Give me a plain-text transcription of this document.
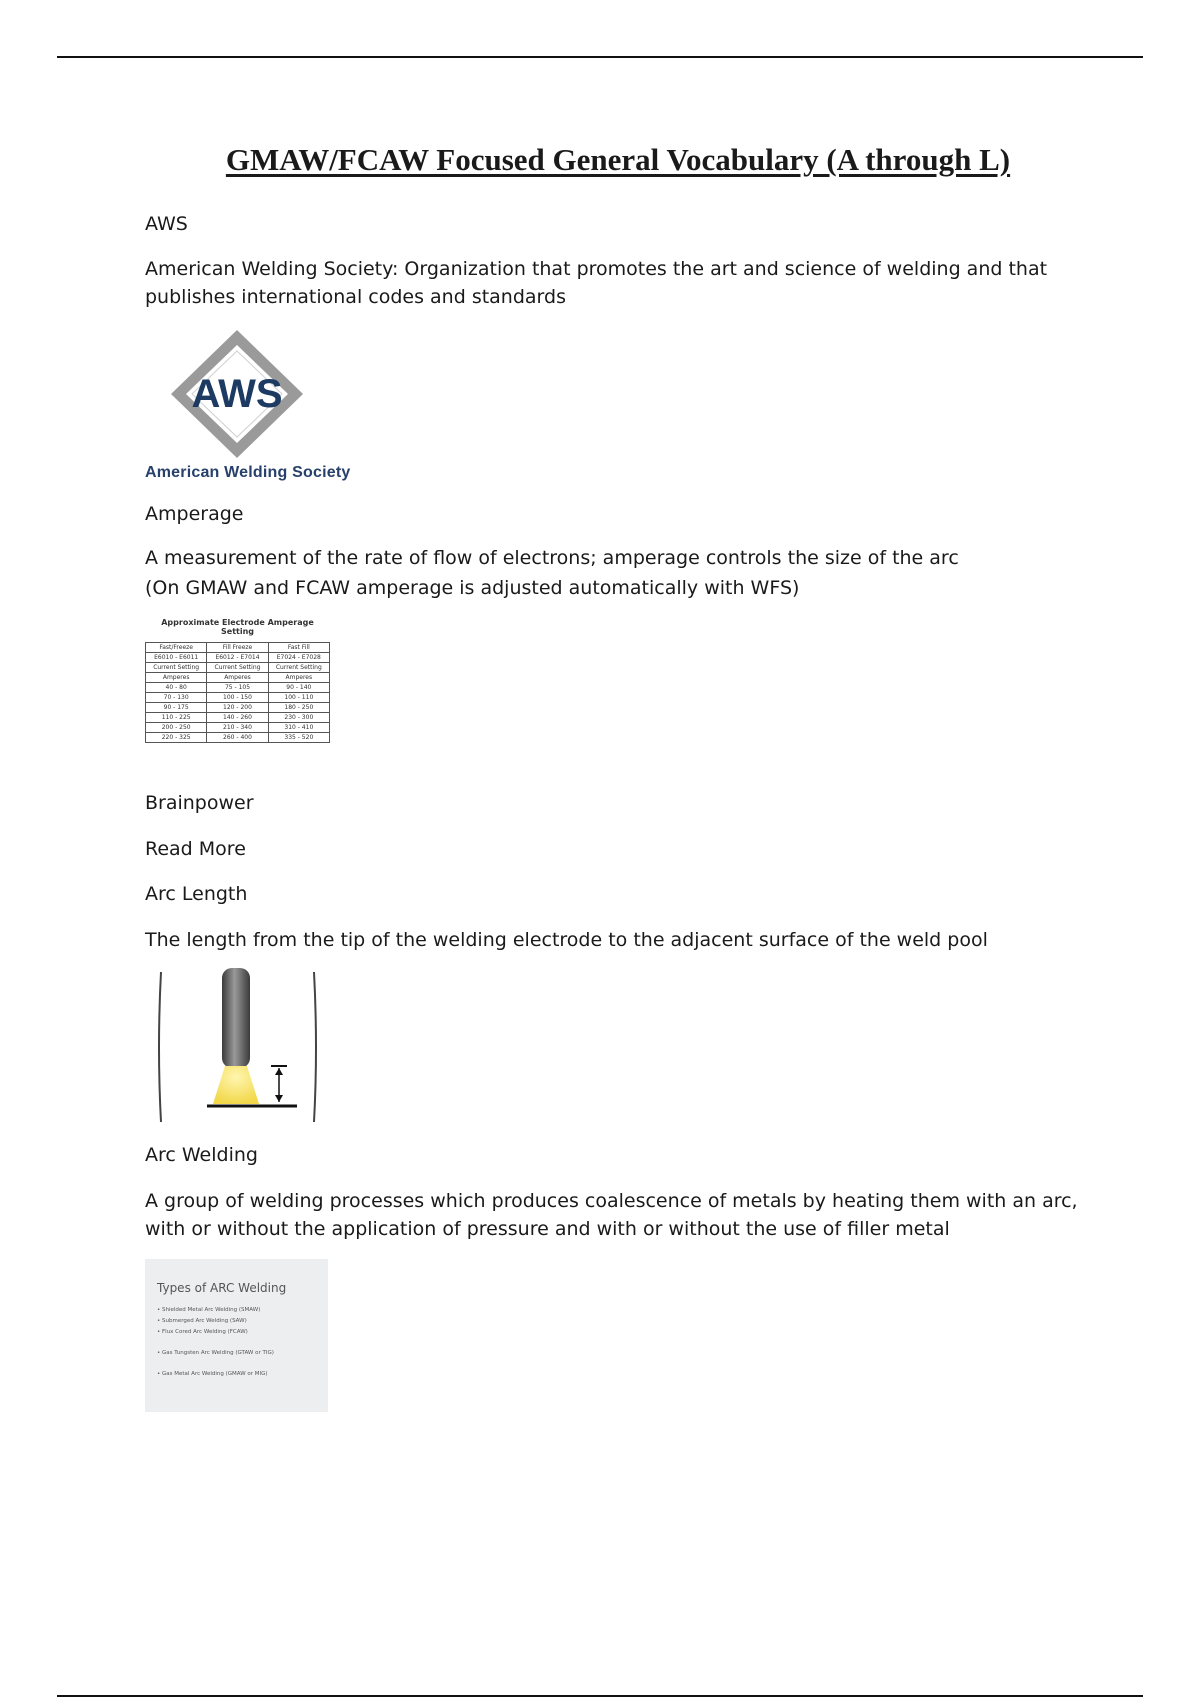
GMAW/FCAW Focused General Vocabulary (A through L)

AWS

American Welding Society: Organization that promotes the art and science of welding and that publishes international codes and standards

AWS
American Welding Society

Amperage

A measurement of the rate of flow of electrons; amperage controls the size of the arc

(On GMAW and FCAW amperage is adjusted automatically with WFS)

Approximate Electrode Amperage Setting
Fast/Freeze	Fill Freeze	Fast Fill
E6010 - E6011	E6012 - E7014	E7024 - E7028
Current Setting	Current Setting	Current Setting
Amperes	Amperes	Amperes
40 - 80	75 - 105	90 - 140
70 - 130	100 - 150	100 - 110
90 - 175	120 - 200	180 - 250
110 - 225	140 - 260	230 - 300
200 - 250	210 - 340	310 - 410
220 - 325	260 - 400	335 - 520

Brainpower

Read More

Arc Length

The length from the tip of the welding electrode to the adjacent surface of the weld pool

Arc Welding

A group of welding processes which produces coalescence of metals by heating them with an arc, with or without the application of pressure and with or without the use of filler metal

Types of ARC Welding
• Shielded Metal Arc Welding (SMAW)
• Submerged Arc Welding (SAW)
• Flux Cored Arc Welding (FCAW)
• Gas Tungsten Arc Welding (GTAW or TIG)
• Gas Metal Arc Welding (GMAW or MIG)
